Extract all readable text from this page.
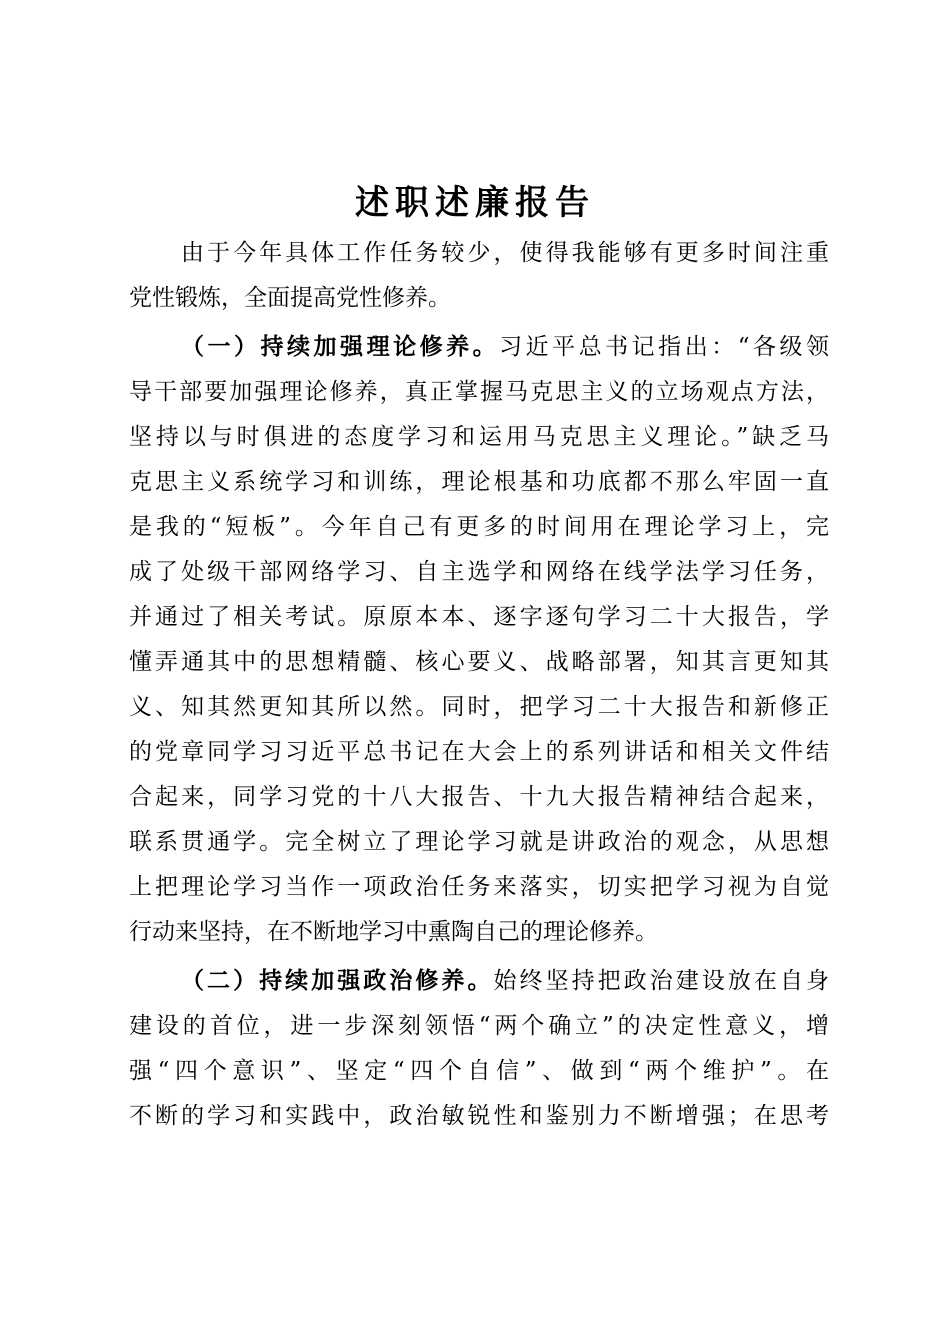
述职述廉报告
由于今年具体工作任务较少，使得我能够有更多时间注重
党性锻炼，全面提高党性修养。
（一）持续加强理论修养。习近平总书记指出：“各级领
导干部要加强理论修养，真正掌握马克思主义的立场观点方法，
坚持以与时俱进的态度学习和运用马克思主义理论。”缺乏马
克思主义系统学习和训练，理论根基和功底都不那么牢固一直
是我的“短板”。今年自己有更多的时间用在理论学习上，完
成了处级干部网络学习、自主选学和网络在线学法学习任务，
并通过了相关考试。原原本本、逐字逐句学习二十大报告，学
懂弄通其中的思想精髓、核心要义、战略部署，知其言更知其
义、知其然更知其所以然。同时，把学习二十大报告和新修正
的党章同学习习近平总书记在大会上的系列讲话和相关文件结
合起来，同学习党的十八大报告、十九大报告精神结合起来，
联系贯通学。完全树立了理论学习就是讲政治的观念，从思想
上把理论学习当作一项政治任务来落实，切实把学习视为自觉
行动来坚持，在不断地学习中熏陶自己的理论修养。
（二）持续加强政治修养。始终坚持把政治建设放在自身
建设的首位，进一步深刻领悟“两个确立”的决定性意义，增
强“四个意识”、坚定“四个自信”、做到“两个维护”。在
不断的学习和实践中，政治敏锐性和鉴别力不断增强；在思考
